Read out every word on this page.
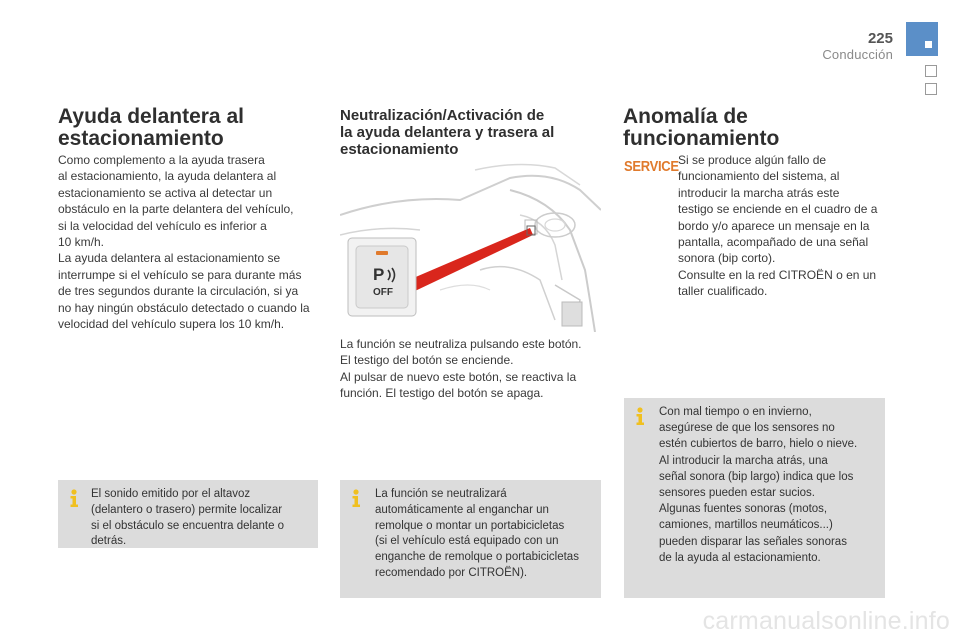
225
Conducción
Ayuda delantera al
estacionamiento
Como complemento a la ayuda trasera
al estacionamiento, la ayuda delantera al
estacionamiento se activa al detectar un
obstáculo en la parte delantera del vehículo,
si la velocidad del vehículo es inferior a
10 km/h.
La ayuda delantera al estacionamiento se
interrumpe si el vehículo se para durante más
de tres segundos durante la circulación, si ya
no hay ningún obstáculo detectado o cuando la
velocidad del vehículo supera los 10 km/h.
El sonido emitido por el altavoz
(delantero o trasero) permite localizar
si el obstáculo se encuentra delante o
detrás.
Neutralización/Activación de
la ayuda delantera y trasera al
estacionamiento
P
OFF
La función se neutraliza pulsando este botón.
El testigo del botón se enciende.
Al pulsar de nuevo este botón, se reactiva la
función. El testigo del botón se apaga.
La función se neutralizará
automáticamente al enganchar un
remolque o montar un portabicicletas
(si el vehículo está equipado con un
enganche de remolque o portabicicletas
recomendado por CITROËN).
Anomalía de
funcionamiento
SERVICE Si se produce algún fallo de
funcionamiento del sistema, al
introducir la marcha atrás este
testigo se enciende en el cuadro de a
bordo y/o aparece un mensaje en la
pantalla, acompañado de una señal
sonora (bip corto).
Consulte en la red CITROËN o en un
taller cualificado.
Con mal tiempo o en invierno,
asegúrese de que los sensores no
estén cubiertos de barro, hielo o nieve.
Al introducir la marcha atrás, una
señal sonora (bip largo) indica que los
sensores pueden estar sucios.
Algunas fuentes sonoras (motos,
camiones, martillos neumáticos...)
pueden disparar las señales sonoras
de la ayuda al estacionamiento.
carmanualsonline.info
